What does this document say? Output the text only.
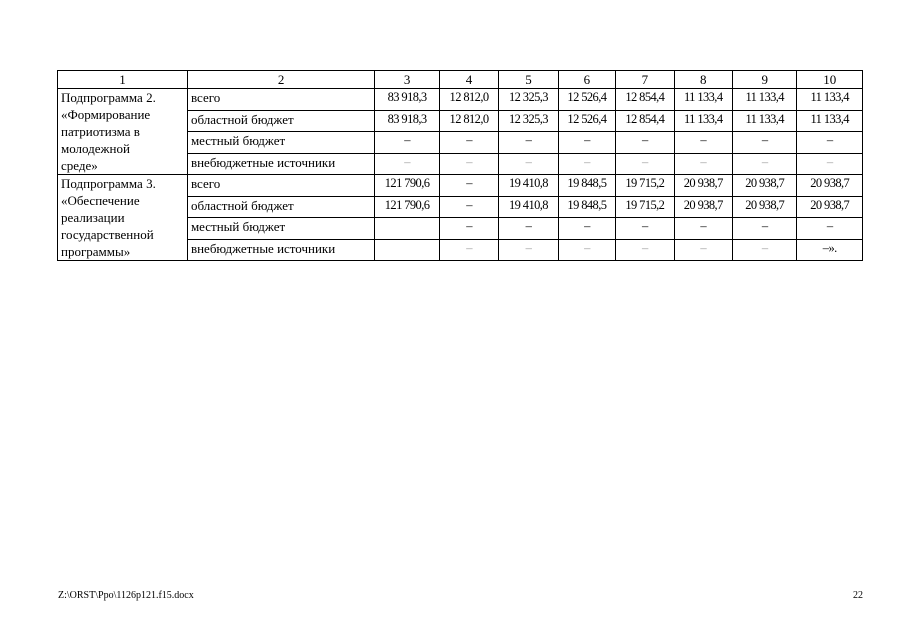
1	2	3	4	5	6	7	8	9	10

Подпрограмма 2.
«Формирование
патриотизма в
молодежной
среде»	всего	83 918,3	12 812,0	12 325,3	12 526,4	12 854,4	11 133,4	11 133,4	11 133,4
	областной бюджет	83 918,3	12 812,0	12 325,3	12 526,4	12 854,4	11 133,4	11 133,4	11 133,4
	местный бюджет	–	–	–	–	–	–	–	–
	внебюджетные источники	–	–	–	–	–	–	–	–

Подпрограмма 3.
«Обеспечение
реализации
государственной
программы»	всего	121 790,6	–	19 410,8	19 848,5	19 715,2	20 938,7	20 938,7	20 938,7
	областной бюджет	121 790,6	–	19 410,8	19 848,5	19 715,2	20 938,7	20 938,7	20 938,7
	местный бюджет		–	–	–	–	–	–	–
	внебюджетные источники		–	–	–	–	–	–	–».
Z:\ORST\Ppo\1126p121.f15.docx	22
